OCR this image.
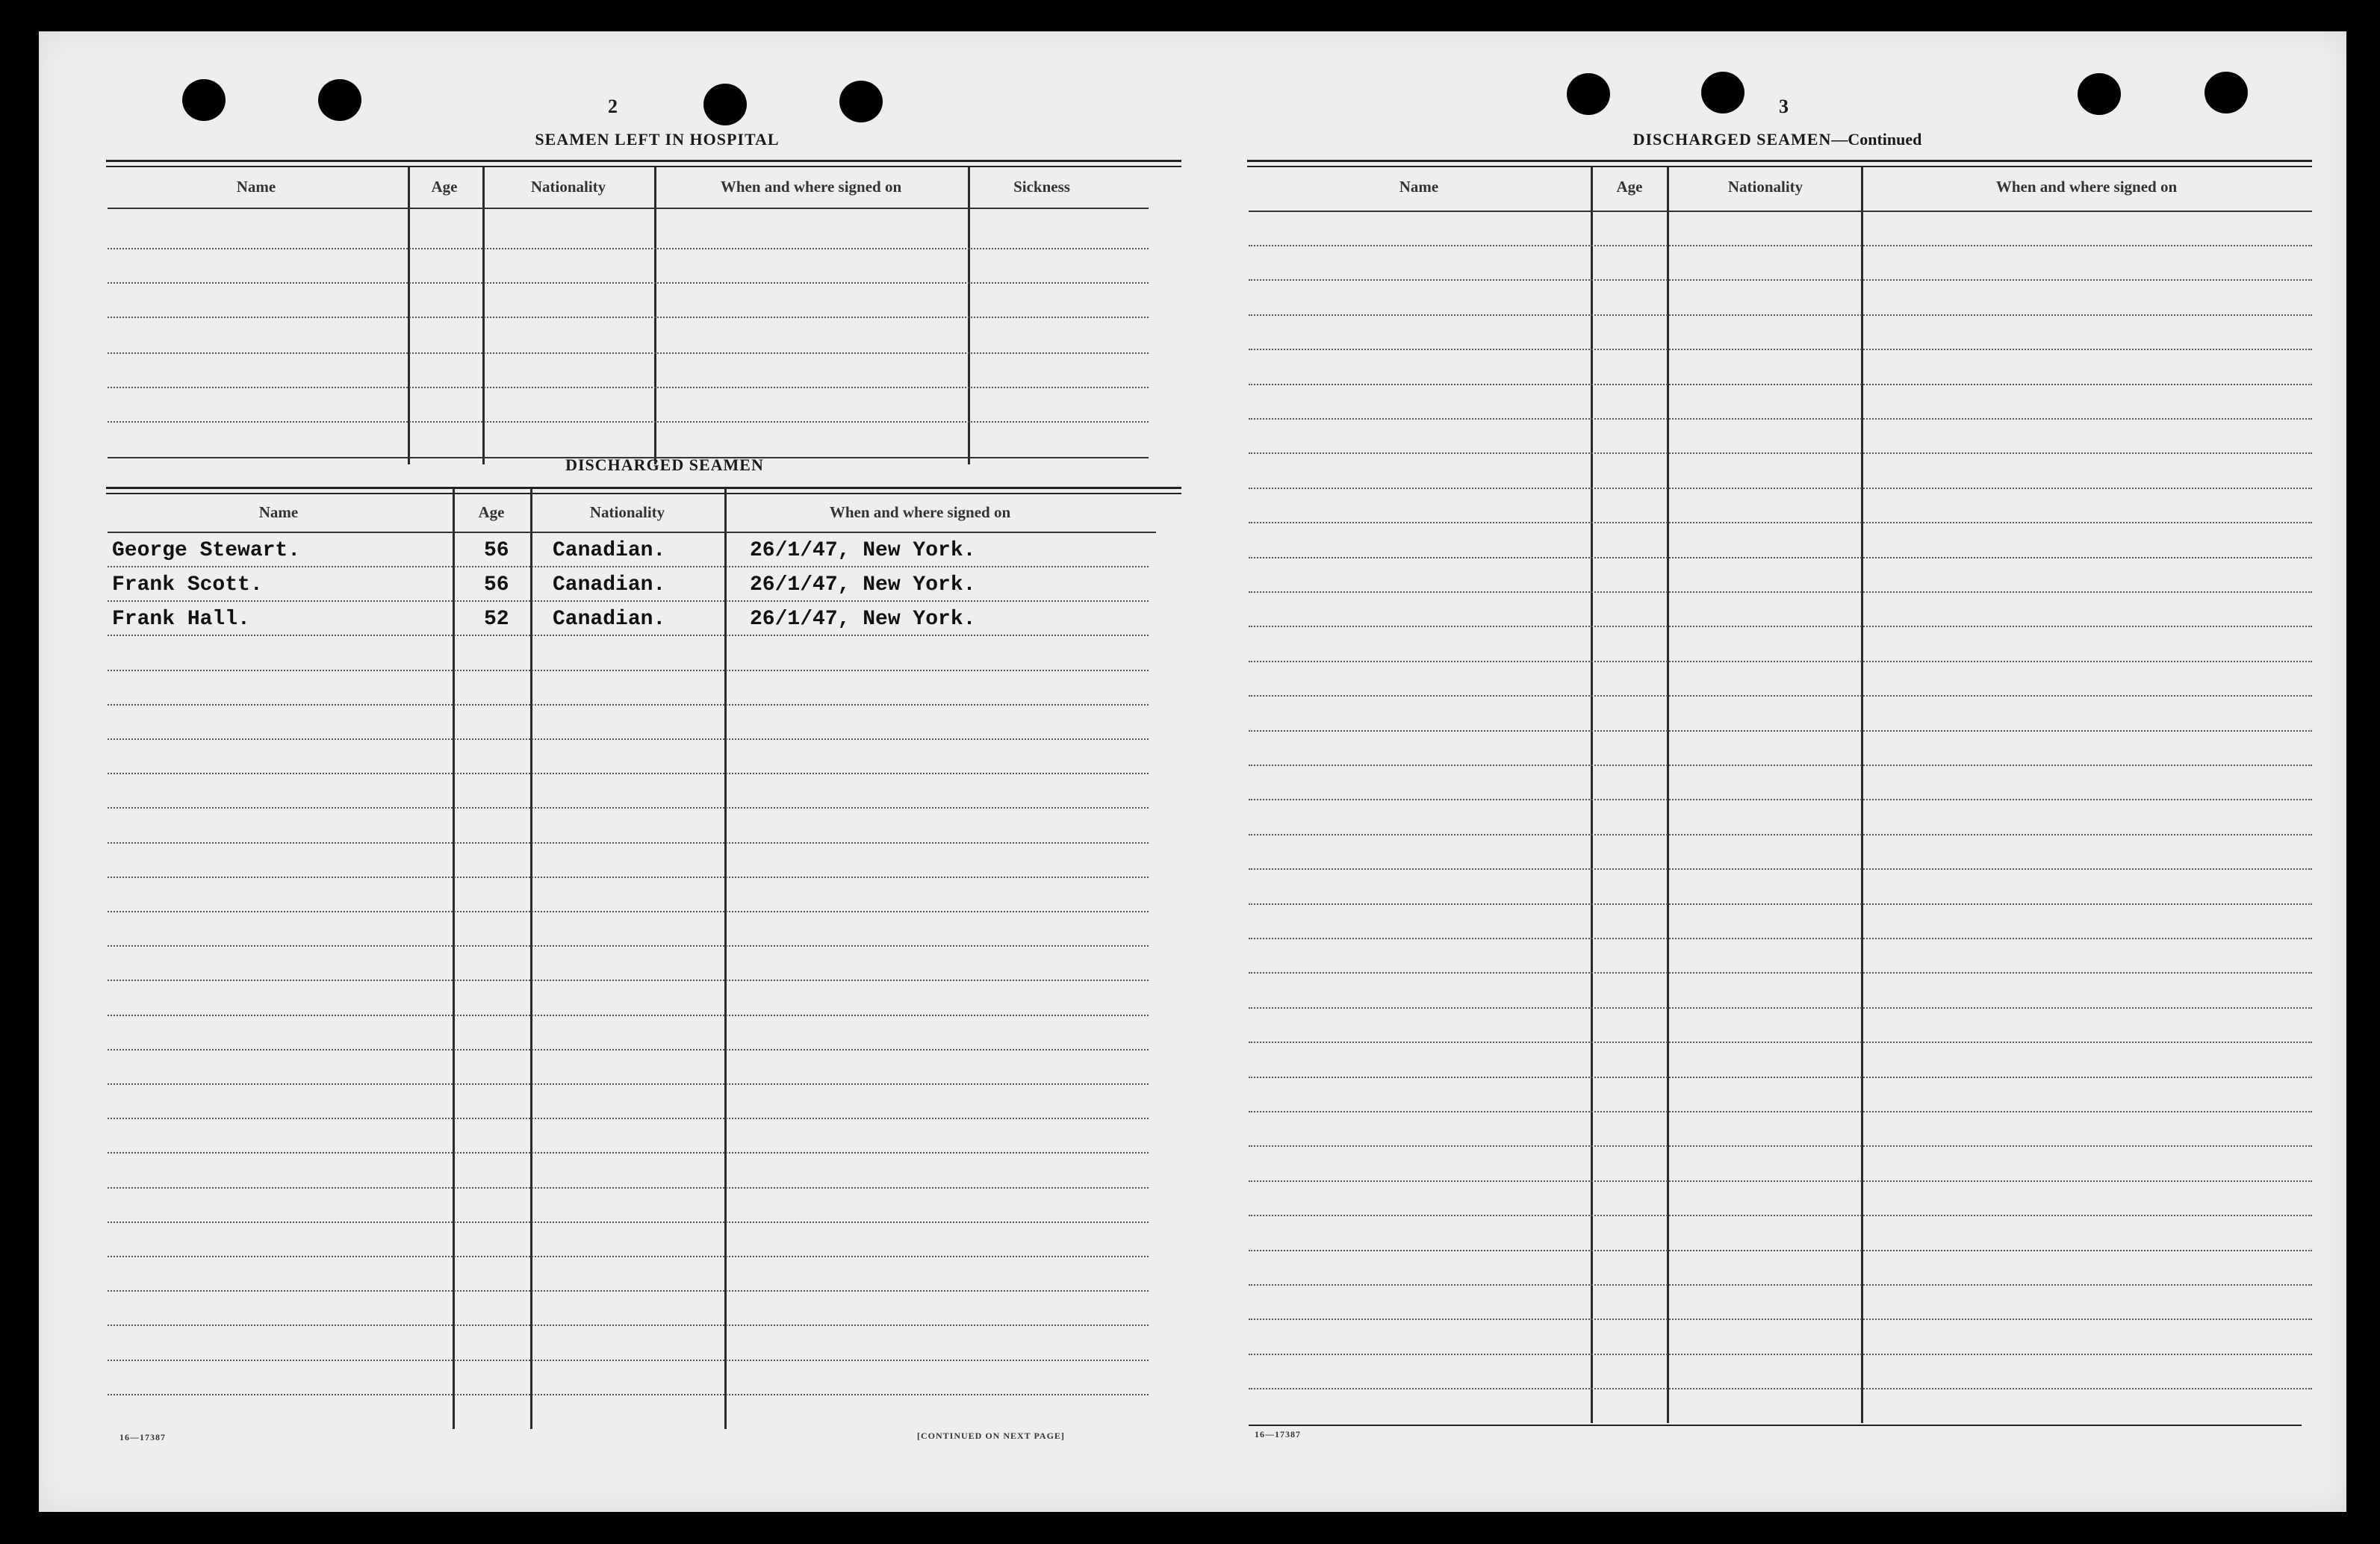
2
SEAMEN LEFT IN HOSPITAL
Name	Age	Nationality	When and where signed on	Sickness
DISCHARGED SEAMEN
Name	Age	Nationality	When and where signed on
George Stewart.	56 Canadian.	26/1/47, New York.
Frank Scott.	56 Canadian.	26/1/47, New York.
Frank Hall.	52 Canadian.	26/1/47, New York.
16—17387	[CONTINUED ON NEXT PAGE]
3
DISCHARGED SEAMEN—Continued
Name	Age	Nationality	When and where signed on
16—17387
